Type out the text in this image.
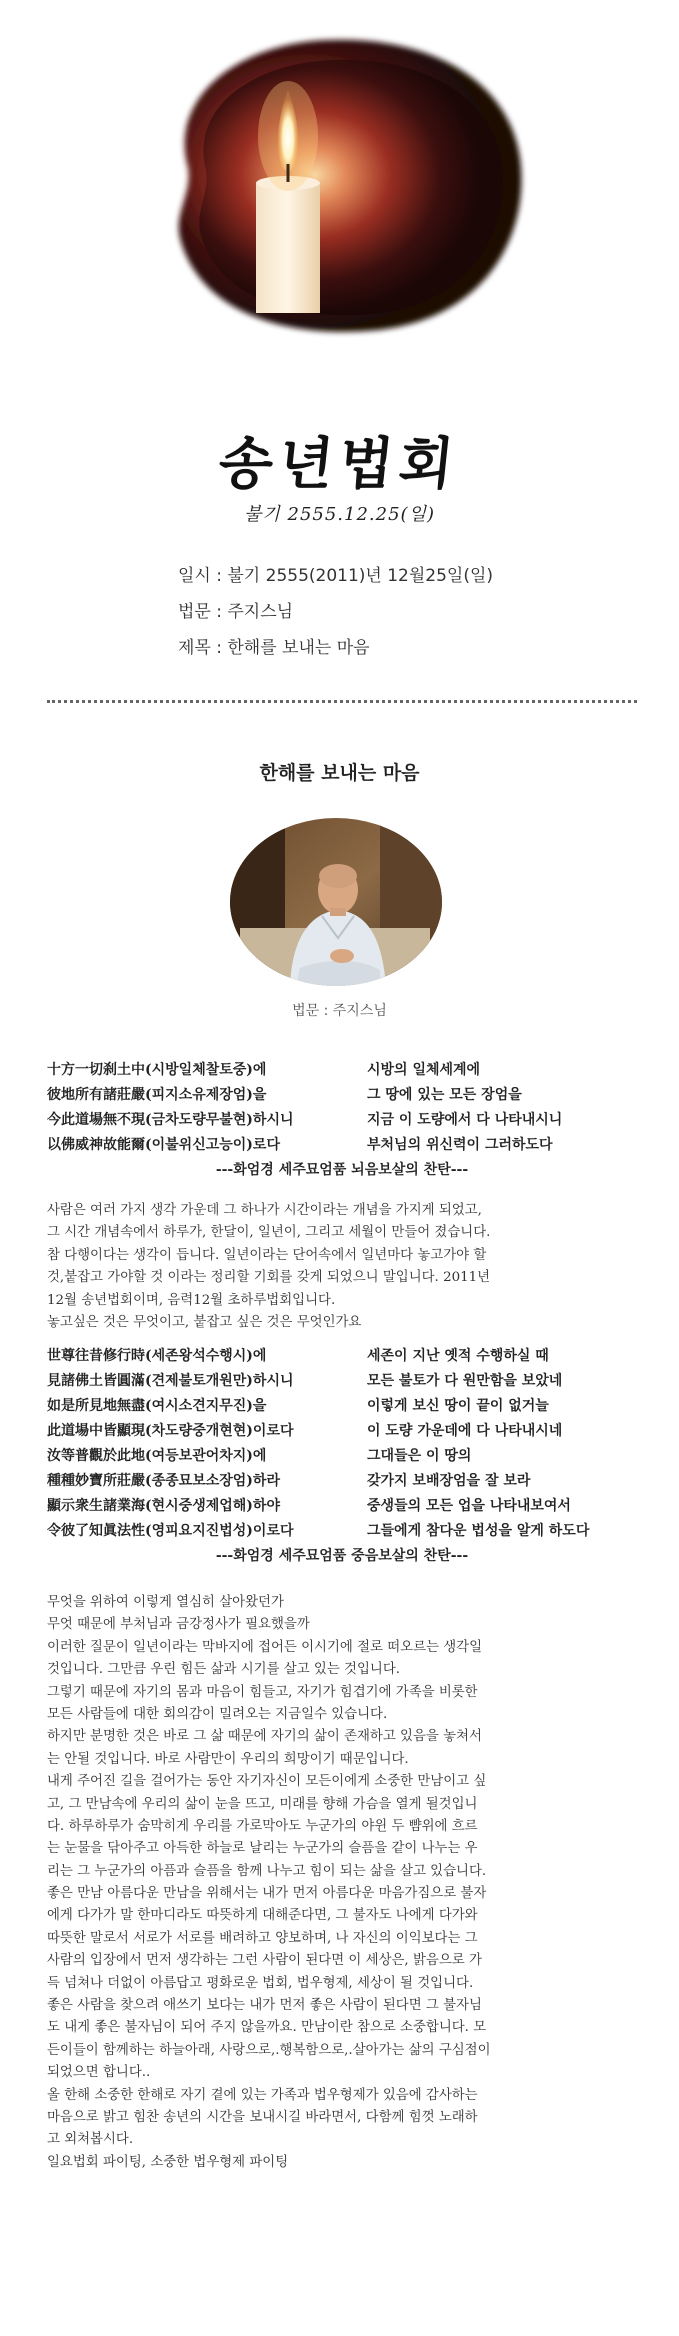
송년법회
불기 2555.12.25(일)
일시 : 불기 2555(2011)년 12월25일(일)
법문 : 주지스님
제목 : 한해를 보내는 마음
한해를 보내는 마음
법문 : 주지스님
十方一切刹土中(시방일체찰토중)에	시방의 일체세계에
彼地所有諸莊嚴(피지소유제장엄)을	그 땅에 있는 모든 장엄을
今此道場無不現(금차도량무불현)하시니	지금 이 도량에서 다 나타내시니
以佛威神故能爾(이불위신고능이)로다	부처님의 위신력이 그러하도다
---화엄경 세주묘엄품 뇌음보살의 찬탄---
사람은 여러 가지 생각 가운데 그 하나가 시간이라는 개념을 가지게 되었고,
그 시간 개념속에서 하루가, 한달이, 일년이, 그리고 세월이 만들어 졌습니다.
참 다행이다는 생각이 듭니다. 일년이라는 단어속에서 일년마다 놓고가야 할
것,붙잡고 가야할 것 이라는 정리할 기회를 갖게 되었으니 말입니다. 2011년
12월 송년법회이며, 음력12월 초하루법회입니다.
놓고싶은 것은 무엇이고, 붙잡고 싶은 것은 무엇인가요
世尊往昔修行時(세존왕석수행시)에	세존이 지난 옛적 수행하실 때
見諸佛土皆圓滿(견제불토개원만)하시니	모든 불토가 다 원만함을 보았네
如是所見地無盡(여시소견지무진)을	이렇게 보신 땅이 끝이 없거늘
此道場中皆顯現(차도량중개현현)이로다	이 도량 가운데에 다 나타내시네
汝等普觀於此地(여등보관어차지)에	그대들은 이 땅의
種種妙寶所莊嚴(종종묘보소장엄)하라	갖가지 보배장엄을 잘 보라
顯示衆生諸業海(현시중생제업해)하야	중생들의 모든 업을 나타내보여서
令彼了知眞法性(영피요지진법성)이로다	그들에게 참다운 법성을 알게 하도다
---화엄경 세주묘엄품 중음보살의 찬탄---
무엇을 위하여 이렇게 열심히 살아왔던가
무엇 때문에 부처님과 금강정사가 필요했을까
이러한 질문이 일년이라는 막바지에 접어든 이시기에 절로 떠오르는 생각일
것입니다. 그만큼 우린 힘든 삶과 시기를 살고 있는 것입니다.
그렇기 때문에 자기의 몸과 마음이 힘들고, 자기가 힘겹기에 가족을 비롯한
모든 사람들에 대한 회의감이 밀려오는 지금일수 있습니다.
하지만 분명한 것은 바로 그 삶 때문에 자기의 삶이 존재하고 있음을 놓쳐서
는 안될 것입니다. 바로 사람만이 우리의 희망이기 때문입니다.
내게 주어진 길을 걸어가는 동안 자기자신이 모든이에게 소중한 만남이고 싶
고, 그 만남속에 우리의 삶이 눈을 뜨고, 미래를 향해 가슴을 열게 될것입니
다. 하루하루가 숨막히게 우리를 가로막아도 누군가의 야윈 두 뺨위에 흐르
는 눈물을 닦아주고 아득한 하늘로 날리는 누군가의 슬픔을 같이 나누는 우
리는 그 누군가의 아픔과 슬픔을 함께 나누고 힘이 되는 삶을 살고 있습니다.
좋은 만남 아름다운 만남을 위해서는 내가 먼저 아름다운 마음가짐으로 불자
에게 다가가 말 한마디라도 따뜻하게 대해준다면, 그 불자도 나에게 다가와
따뜻한 말로서 서로가 서로를 배려하고 양보하며, 나 자신의 이익보다는 그
사람의 입장에서 먼저 생각하는 그런 사람이 된다면 이 세상은, 밝음으로 가
득 넘쳐나 더없이 아름답고 평화로운 법회, 법우형제, 세상이 될 것입니다.
좋은 사람을 찾으려 애쓰기 보다는 내가 먼저 좋은 사람이 된다면 그 불자님
도 내게 좋은 불자님이 되어 주지 않을까요. 만남이란 참으로 소중합니다. 모
든이들이 함께하는 하늘아래, 사랑으로,.행복함으로,.살아가는 삶의 구심점이
되었으면 합니다..
올 한해 소중한 한해로 자기 곁에 있는 가족과 법우형제가 있음에 감사하는
마음으로 밝고 힘찬 송년의 시간을 보내시길 바라면서, 다함께 힘껏 노래하
고 외쳐봅시다.
일요법회 파이팅, 소중한 법우형제 파이팅
